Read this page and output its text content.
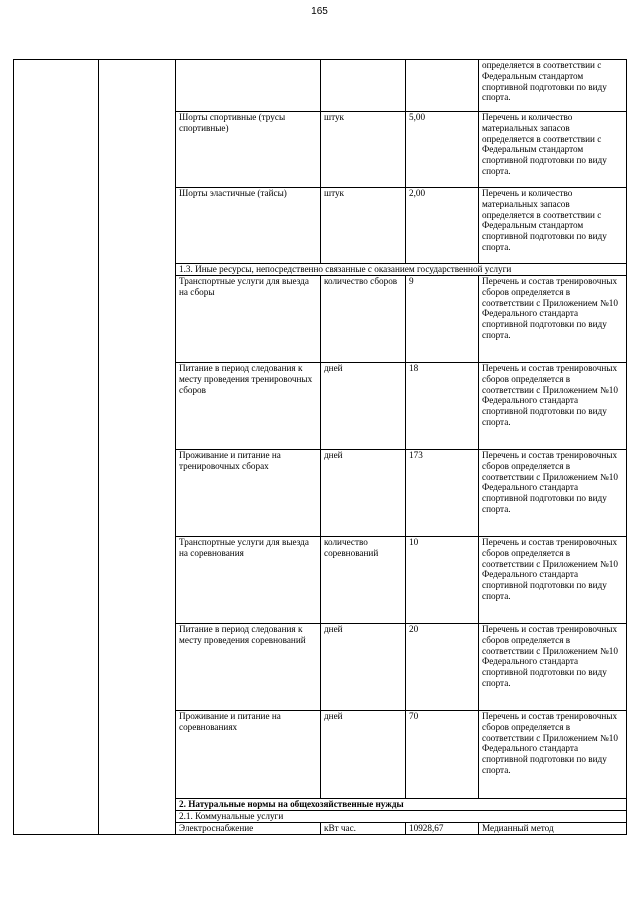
165
					определяется в соответствии с Федеральным стандартом спортивной подготовки по виду спорта.
		Шорты спортивные (трусы спортивные)	штук	5,00	Перечень и количество материальных запасов определяется в соответствии с Федеральным стандартом спортивной подготовки по виду спорта.
		Шорты эластичные (тайсы)	штук	2,00	Перечень и количество материальных запасов определяется в соответствии с Федеральным стандартом спортивной подготовки по виду спорта.
		1.3. Иные ресурсы, непосредственно связанные с оказанием государственной услуги			
		Транспортные услуги для выезда на сборы	количество сборов	9	Перечень и состав тренировочных сборов определяется в соответствии с Приложением №10 Федерального стандарта спортивной подготовки по виду спорта.
		Питание в период следования к месту проведения тренировочных сборов	дней	18	Перечень и состав тренировочных сборов определяется в соответствии с Приложением №10 Федерального стандарта спортивной подготовки по виду спорта.
		Проживание и питание на тренировочных сборах	дней	173	Перечень и состав тренировочных сборов определяется в соответствии с Приложением №10 Федерального стандарта спортивной подготовки по виду спорта.
		Транспортные услуги для выезда на соревнования	количество соревнований	10	Перечень и состав тренировочных сборов определяется в соответствии с Приложением №10 Федерального стандарта спортивной подготовки по виду спорта.
		Питание в период следования к месту проведения соревнований	дней	20	Перечень и состав тренировочных сборов определяется в соответствии с Приложением №10 Федерального стандарта спортивной подготовки по виду спорта.
		Проживание и питание на соревнованиях	дней	70	Перечень и состав тренировочных сборов определяется в соответствии с Приложением №10 Федерального стандарта спортивной подготовки по виду спорта.
		2. Натуральные нормы на общехозяйственные нужды			
		2.1. Коммунальные услуги			
		Электроснабжение	кВт час.	10928,67	Медианный метод
